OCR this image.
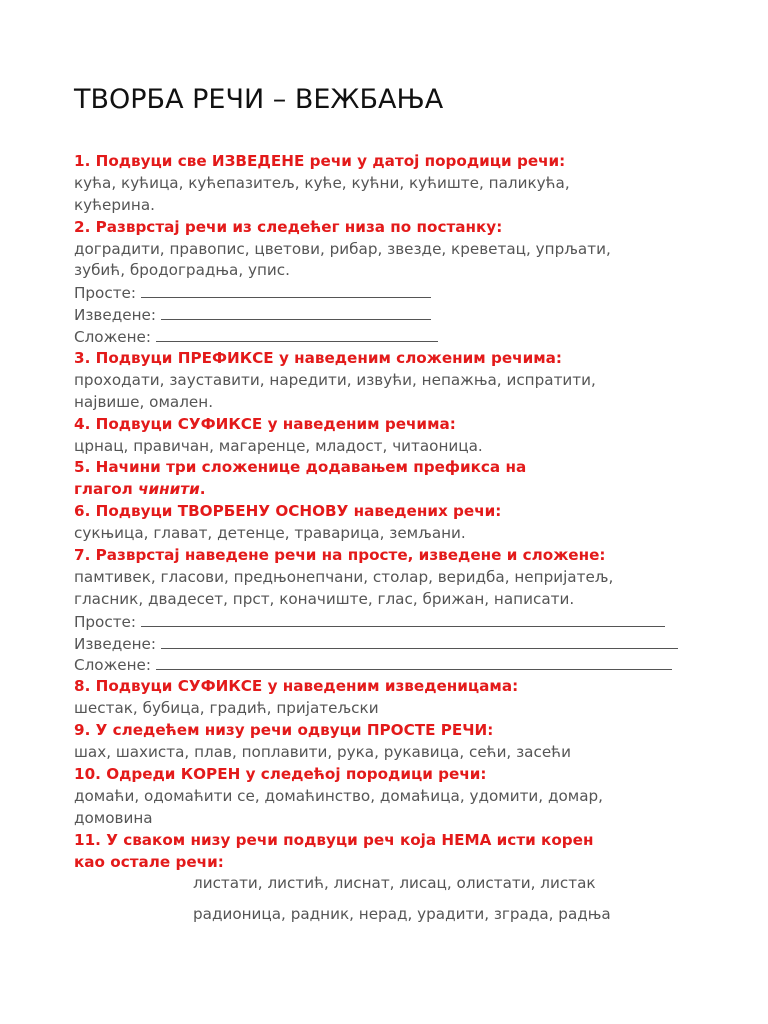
ТВОРБА РЕЧИ – ВЕЖБАЊА
1. Подвуци све ИЗВЕДЕНЕ речи у датој породици речи:
кућа, кућица, кућепазитељ, куће, кућни, кућиште, паликућа,
кућерина.
2. Разврстај речи из следећег низа по постанку:
доградити, правопис, цветови, рибар, звезде, креветац, упрљати,
зубић, бродоградња, упис.
Просте:
Изведене:
Сложене:
3. Подвуци ПРЕФИКСЕ у наведеним сложеним речима:
проходати, зауставити, наредити, извући, непажња, испратити,
највише, омален.
4. Подвуци СУФИКСЕ у наведеним речима:
црнац, правичан, магаренце, младост, читаоница.
5. Начини три сложенице додавањем префикса на
глагол чинити.
6. Подвуци ТВОРБЕНУ ОСНОВУ наведених речи:
сукњица, глават, детенце, траварица, земљани.
7. Разврстај наведене речи на просте, изведене и сложене:
памтивек, гласови, предњонепчани, столар, веридба, непријатељ,
гласник, двадесет, прст, коначиште, глас, брижан, написати.
Просте:
Изведене:
Сложене:
8. Подвуци СУФИКСЕ у наведеним изведеницама:
шестак, бубица, градић, пријатељски
9. У следећем низу речи одвуци ПРОСТЕ РЕЧИ:
шах, шахиста, плав, поплавити, рука, рукавица, сећи, засећи
10. Одреди КОРЕН у следећој породици речи:
домаћи, одомаћити се, домаћинство, домаћица, удомити, домар,
домовина
11. У сваком низу речи подвуци реч која НЕМА исти корен
као остале речи:
листати, листић, лиснат, лисац, олистати, листак
радионица, радник, нерад, урадити, зграда, радња
